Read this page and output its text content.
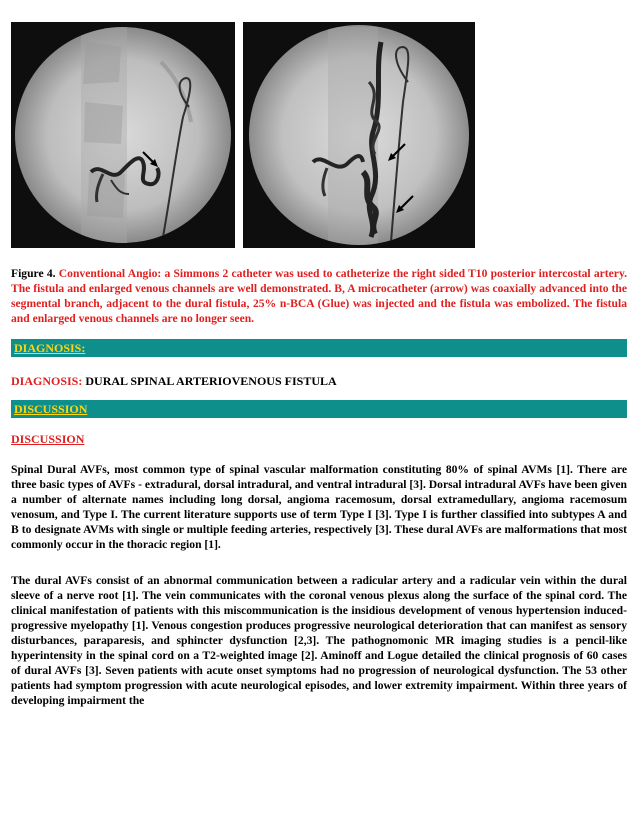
Figure 4. Conventional Angio: a Simmons 2 catheter was used to catheterize the right sided T10 posterior intercostal artery. The fistula and enlarged venous channels are well demonstrated. B, A microcatheter (arrow) was coaxially advanced into the segmental branch, adjacent to the dural fistula, 25% n-BCA (Glue) was injected and the fistula was embolized. The fistula and enlarged venous channels are no longer seen.
DIAGNOSIS:
DIAGNOSIS: DURAL SPINAL ARTERIOVENOUS FISTULA
DISCUSSION
DISCUSSION
Spinal Dural AVFs, most common type of spinal vascular malformation constituting 80% of spinal AVMs [1]. There are three basic types of AVFs - extradural, dorsal intradural, and ventral intradural [3]. Dorsal intradural AVFs have been given a number of alternate names including long dorsal, angioma racemosum, dorsal extramedullary, angioma racemosum venosum, and Type I. The current literature supports use of term Type I [3]. Type I is further classified into subtypes A and B to designate AVMs with single or multiple feeding arteries, respectively [3]. These dural AVFs are malformations that most commonly occur in the thoracic region [1].
The dural AVFs consist of an abnormal communication between a radicular artery and a radicular vein within the dural sleeve of a nerve root [1]. The vein communicates with the coronal venous plexus along the surface of the spinal cord. The clinical manifestation of patients with this miscommunication is the insidious development of venous hypertension induced-progressive myelopathy [1]. Venous congestion produces progressive neurological deterioration that can manifest as sensory disturbances, paraparesis, and sphincter dysfunction [2,3]. The pathognomonic MR imaging studies is a pencil-like hyperintensity in the spinal cord on a T2-weighted image [2]. Aminoff and Logue detailed the clinical prognosis of 60 cases of dural AVFs [3]. Seven patients with acute onset symptoms had no progression of neurological dysfunction. The 53 other patients had symptom progression with acute neurological episodes, and lower extremity impairment. Within three years of developing impairment the
